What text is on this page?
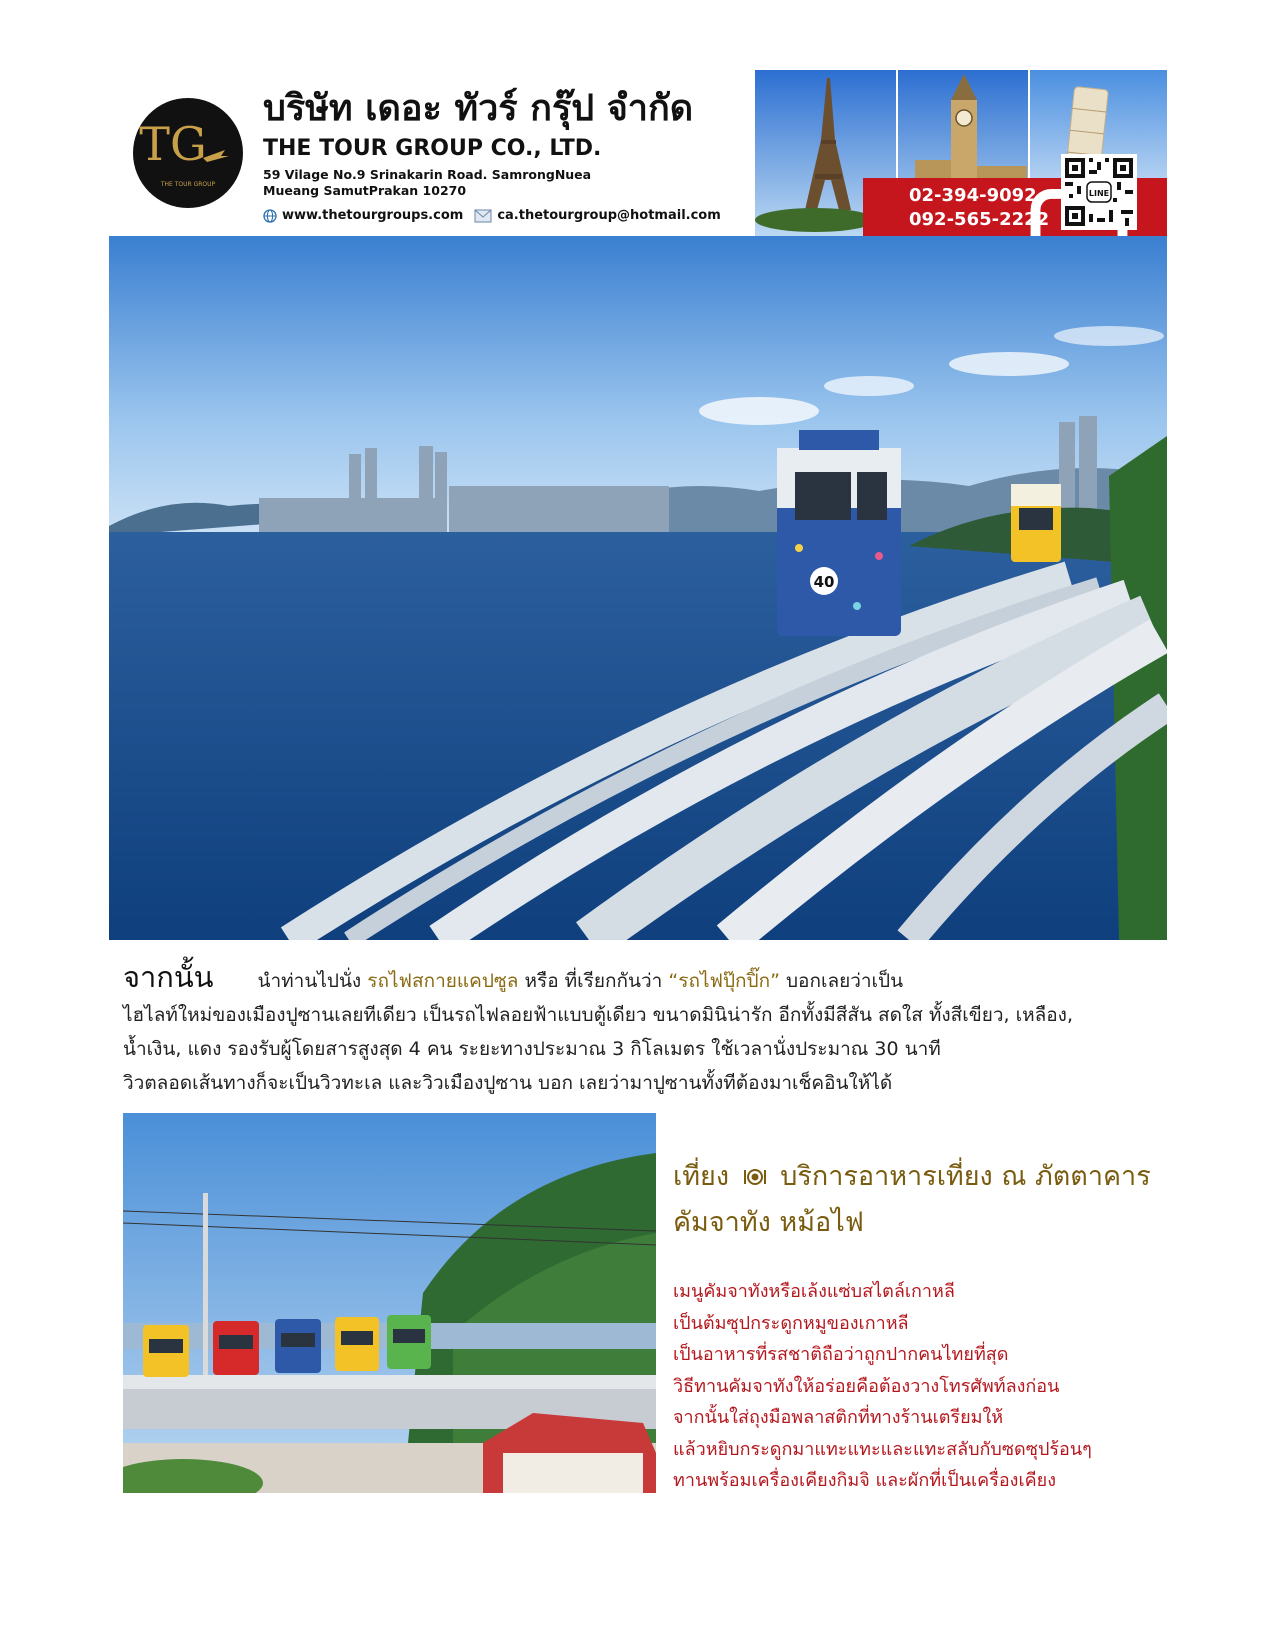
TG
THE TOUR GROUP
บริษัท เดอะ ทัวร์ กรุ๊ป จำกัด
THE TOUR GROUP CO., LTD.
59 Vilage No.9 Srinakarin Road. SamrongNuea
Mueang SamutPrakan 10270
www.thetourgroups.com	ca.thetourgroup@hotmail.com
02-394-9092
092-565-2222
LINE
40
จากนั้น นำท่านไปนั่ง รถไฟสกายแคปซูล หรือ ที่เรียกกันว่า “รถไฟปุ๊กปิ๊ก” บอกเลยว่าเป็น
ไฮไลท์ใหม่ของเมืองปูซานเลยทีเดียว เป็นรถไฟลอยฟ้าแบบตู้เดียว ขนาดมินิน่ารัก อีกทั้งมีสีสัน สดใส ทั้งสีเขียว, เหลือง,
น้ำเงิน, แดง รองรับผู้โดยสารสูงสุด 4 คน ระยะทางประมาณ 3 กิโลเมตร ใช้เวลานั่งประมาณ 30 นาที
วิวตลอดเส้นทางก็จะเป็นวิวทะเล และวิวเมืองปูซาน บอก เลยว่ามาปูซานทั้งทีต้องมาเช็คอินให้ได้
เที่ยง บริการอาหารเที่ยง ณ ภัตตาคาร
คัมจาทัง หม้อไฟ
เมนูคัมจาทังหรือเล้งแซ่บสไตล์เกาหลี
เป็นต้มซุปกระดูกหมูของเกาหลี
เป็นอาหารที่รสชาติถือว่าถูกปากคนไทยที่สุด
วิธีทานคัมจาทังให้อร่อยคือต้องวางโทรศัพท์ลงก่อน
จากนั้นใส่ถุงมือพลาสติกที่ทางร้านเตรียมให้
แล้วหยิบกระดูกมาแทะแทะและแทะสลับกับซดซุปร้อนๆ
ทานพร้อมเครื่องเคียงกิมจิ และผักที่เป็นเครื่องเคียง
